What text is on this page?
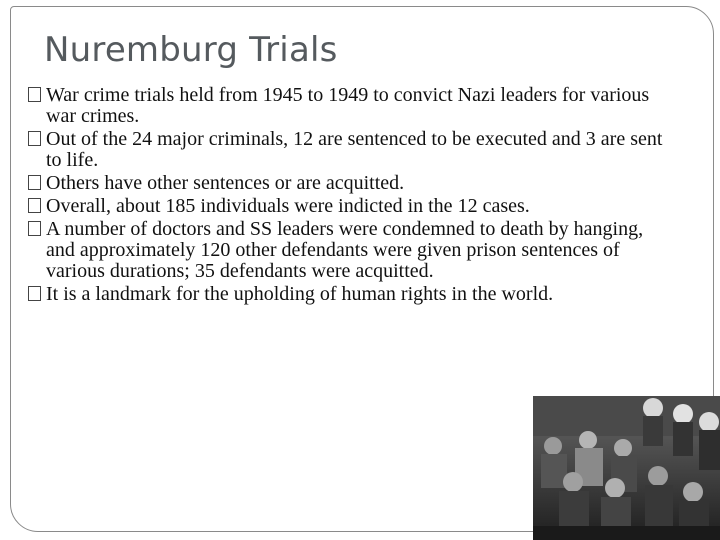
Nuremburg Trials
War crime trials held from 1945 to 1949 to convict Nazi leaders for various war crimes.
Out of the 24 major criminals, 12 are sentenced to be executed and 3 are sent to life.
Others have other sentences or are acquitted.
Overall, about 185 individuals were indicted in the 12 cases.
A number of doctors and SS leaders were condemned to death by hanging, and approximately 120 other defendants were given prison sentences of various durations; 35 defendants were acquitted.
It is a landmark for the upholding of human rights in the world.
